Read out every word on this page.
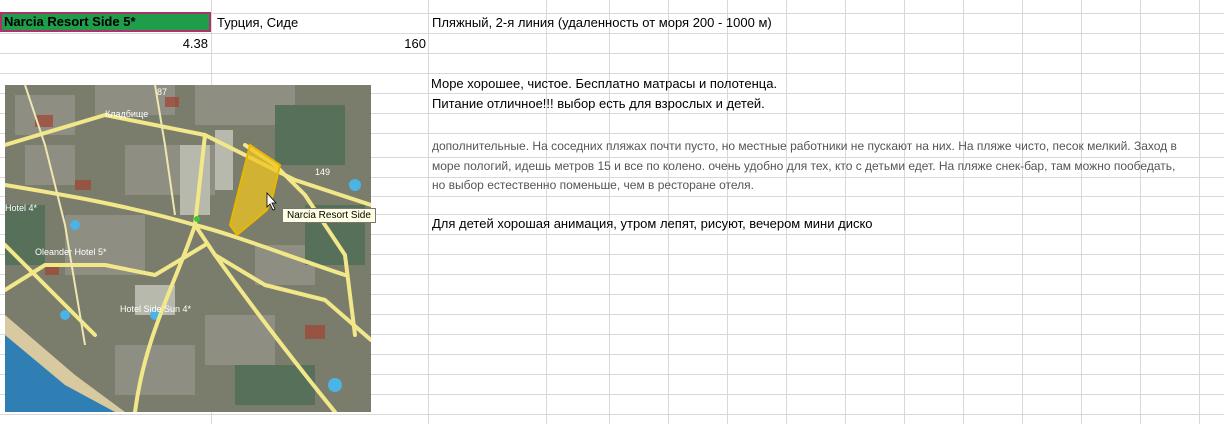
Narcia Resort Side 5*	Турция, Сиде	Пляжный, 2-я линия (удаленность от моря 200 - 1000 м)
4.38	160
Море хорошее, чистое. Бесплатно матрасы и полотенца.
Питание отличное!!! выбор есть для взрослых и детей.
дополнительные. На соседних пляжах почти пусто, но местные работники не пускают на них. На пляже чисто, песок мелкий. Заход в
море пологий, идешь метров 15 и все по колено. очень удобно для тех, кто с детьми едет. На пляже снек-бар, там можно пообедать,
но выбор естественно поменьше, чем в ресторане отеля.
Для детей хорошая анимация, утром лепят, рисуют, вечером мини диско
Кладбище
Hotel 4*
Oleander Hotel 5*
Hotel Side Sun 4*
149
87
Narcia Resort Side
